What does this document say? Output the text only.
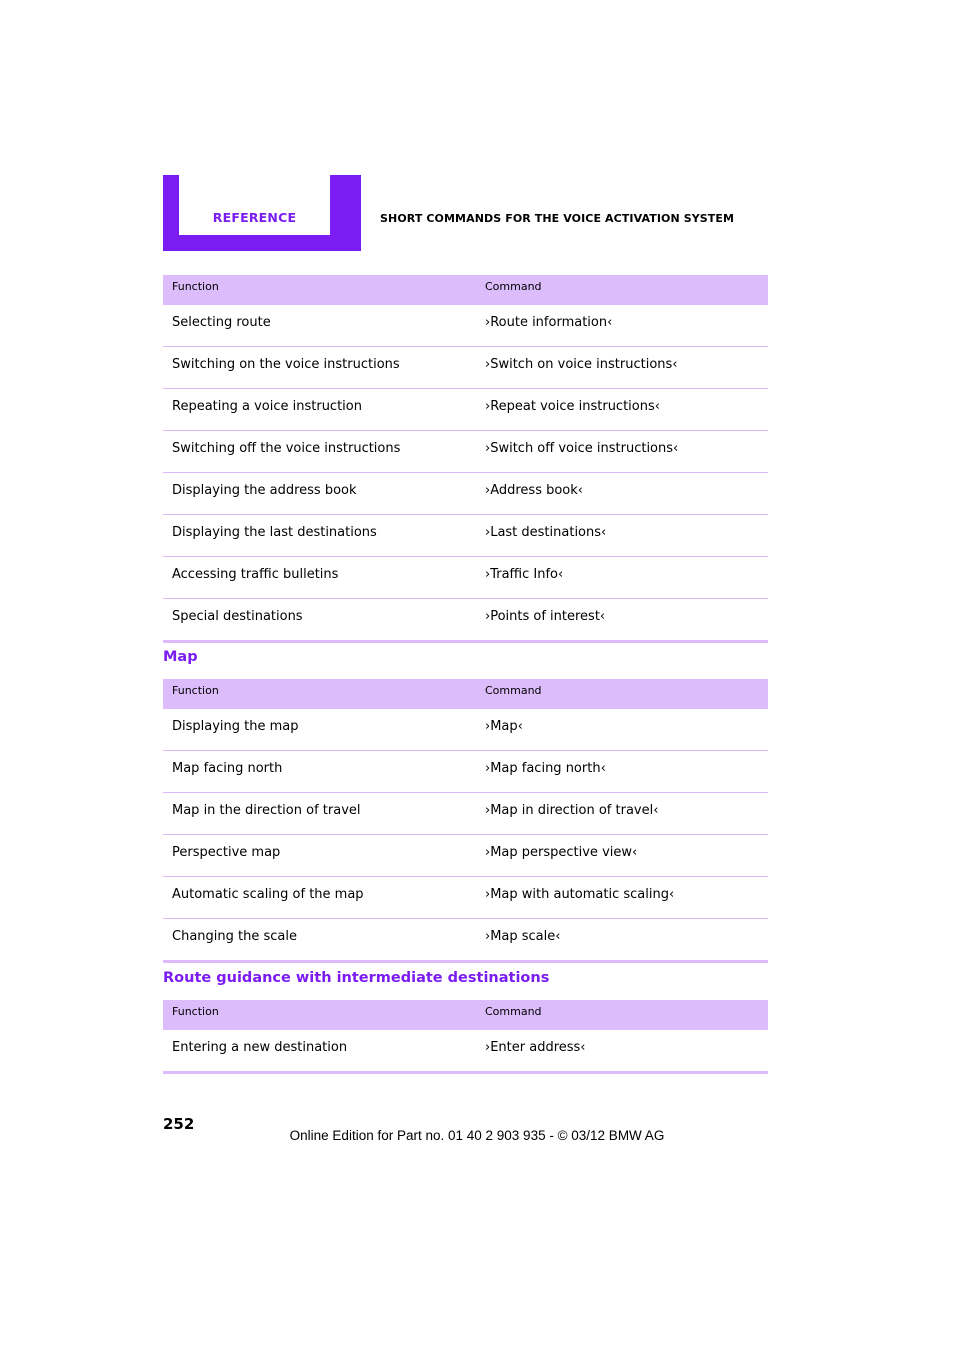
REFERENCE	SHORT COMMANDS FOR THE VOICE ACTIVATION SYSTEM
Function	Command
Selecting route	›Route information‹
Switching on the voice instructions	›Switch on voice instructions‹
Repeating a voice instruction	›Repeat voice instructions‹
Switching off the voice instructions	›Switch off voice instructions‹
Displaying the address book	›Address book‹
Displaying the last destinations	›Last destinations‹
Accessing traffic bulletins	›Traffic Info‹
Special destinations	›Points of interest‹
Map
Function	Command
Displaying the map	›Map‹
Map facing north	›Map facing north‹
Map in the direction of travel	›Map in direction of travel‹
Perspective map	›Map perspective view‹
Automatic scaling of the map	›Map with automatic scaling‹
Changing the scale	›Map scale‹
Route guidance with intermediate destinations
Function	Command
Entering a new destination	›Enter address‹
252
Online Edition for Part no. 01 40 2 903 935 - © 03/12 BMW AG
